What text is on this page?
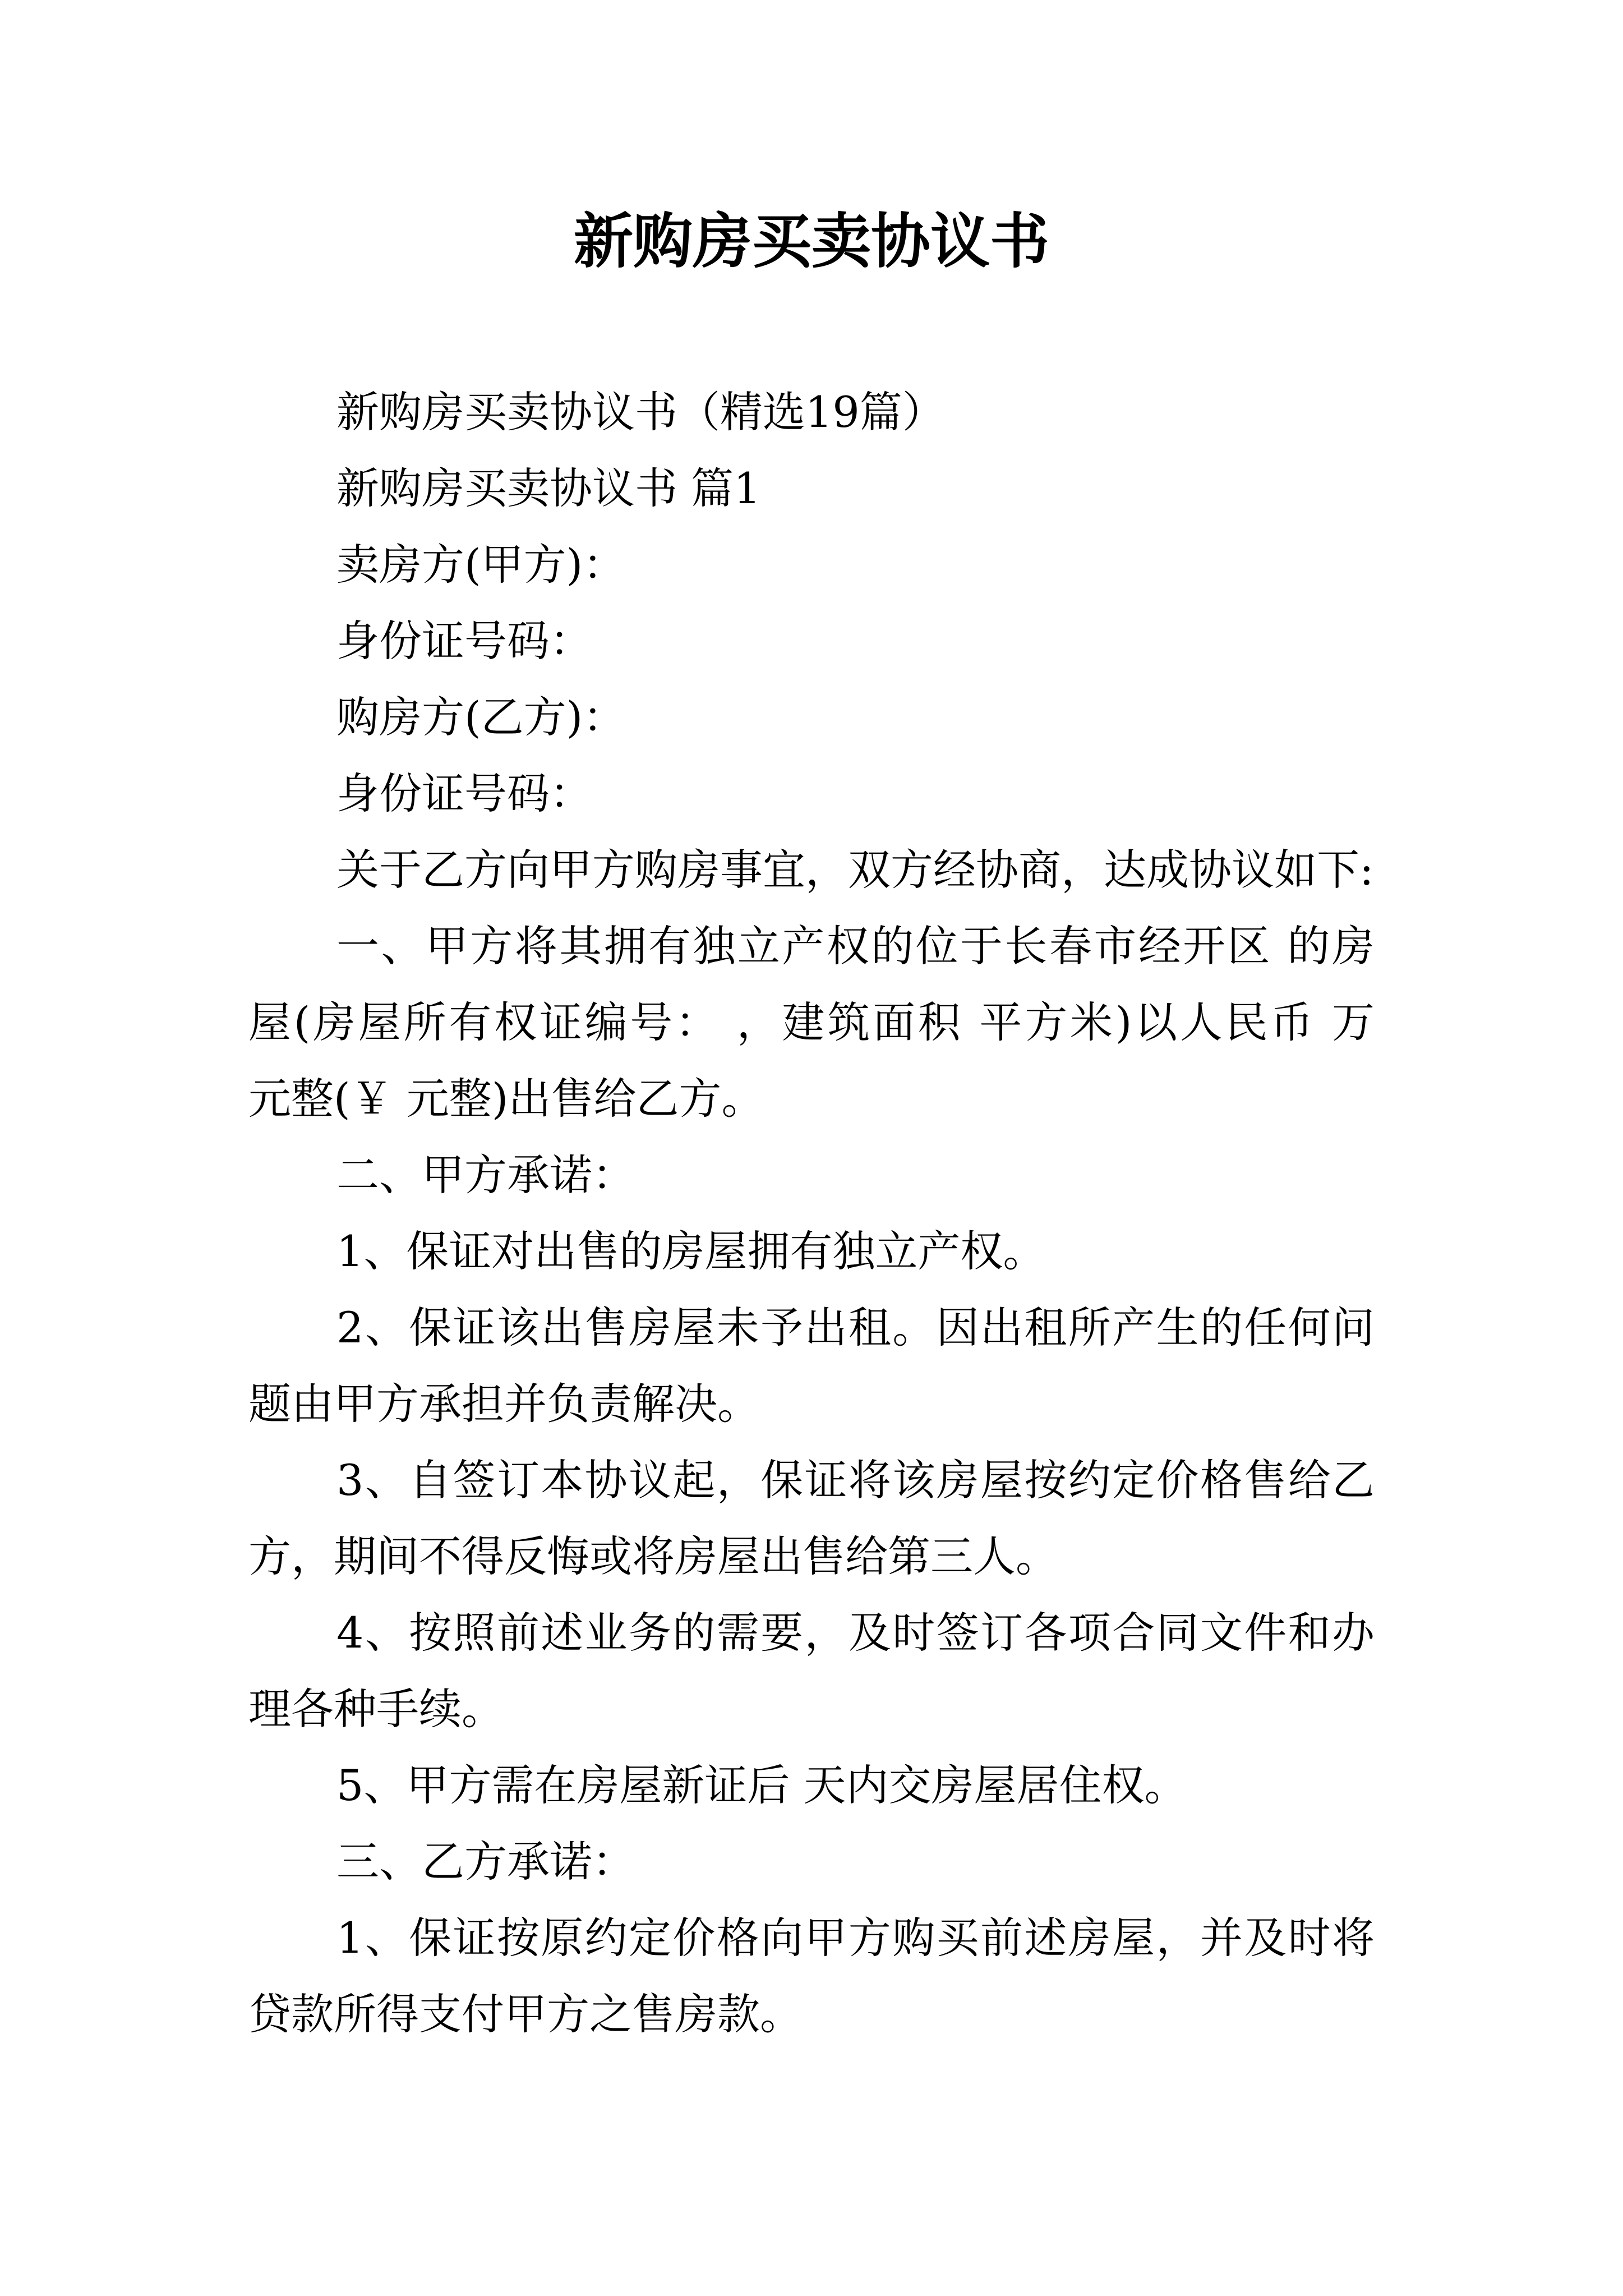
新购房买卖协议书
新购房买卖协议书（精选19篇）
新购房买卖协议书 篇1
卖房方(甲方)：
身份证号码：
购房方(乙方)：
身份证号码：
关于乙方向甲方购房事宜，双方经协商，达成协议如下:
一、甲方将其拥有独立产权的位于长春市经开区 的房
屋(房屋所有权证编号： ，建筑面积 平方米)以人民币 万
元整(￥ 元整)出售给乙方。
二、甲方承诺：
1、保证对出售的房屋拥有独立产权。
2、保证该出售房屋未予出租。因出租所产生的任何问
题由甲方承担并负责解决。
3、自签订本协议起，保证将该房屋按约定价格售给乙
方，期间不得反悔或将房屋出售给第三人。
4、按照前述业务的需要，及时签订各项合同文件和办
理各种手续。
5、甲方需在房屋新证后 天内交房屋居住权。
三、乙方承诺：
1、保证按原约定价格向甲方购买前述房屋，并及时将
贷款所得支付甲方之售房款。
